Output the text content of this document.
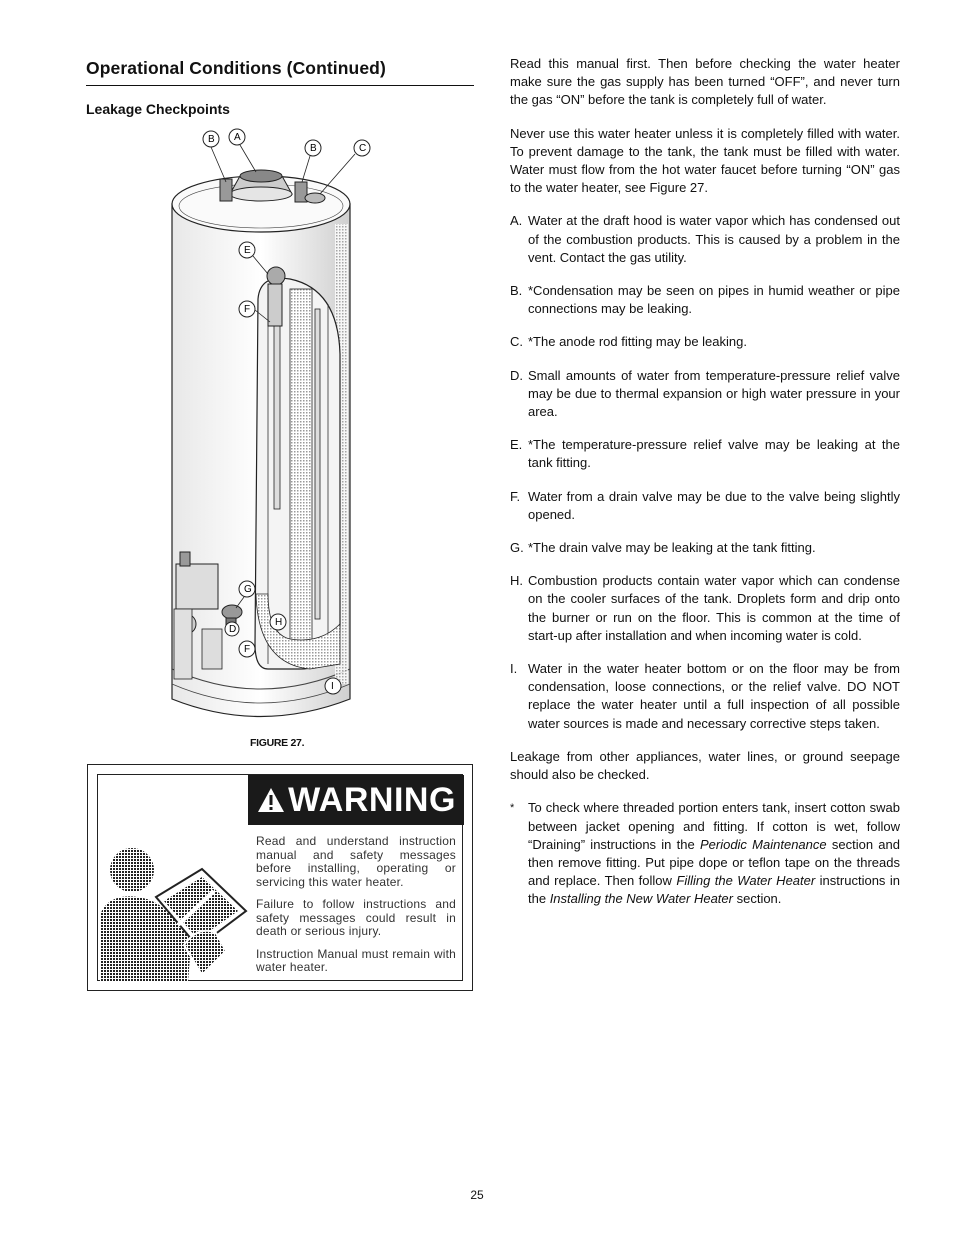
Operational Conditions (Continued)
Leakage Checkpoints
B A
B	C
E
F
G
D
F
H
I
FIGURE 27.
WARNING

Read and understand instruction manual and safety messages before installing, operating or servicing this water heater.

Failure to follow instructions and safety messages could result in death or serious injury.

Instruction Manual must remain with water heater.

Read this manual first. Then before checking the water heater make sure the gas supply has been turned “OFF”, and never turn the gas “ON” before the tank is completely full of water.

Never use this water heater unless it is completely filled with water. To prevent damage to the tank, the tank must be filled with water. Water must flow from the hot water faucet before turning “ON” gas to the water heater, see Figure 27.

A. Water at the draft hood is water vapor which has condensed out of the combustion products. This is caused by a problem in the vent. Contact the gas utility.
B. *Condensation may be seen on pipes in humid weather or pipe connections may be leaking.
C. *The anode rod fitting may be leaking.
D. Small amounts of water from temperature-pressure relief valve may be due to thermal expansion or high water pressure in your area.
E. *The temperature-pressure relief valve may be leaking at the tank fitting.
F. Water from a drain valve may be due to the valve being slightly opened.
G. *The drain valve may be leaking at the tank fitting.
H. Combustion products contain water vapor which can condense on the cooler surfaces of the tank. Droplets form and drip onto the burner or run on the floor. This is common at the time of start-up after installation and when incoming water is cold.
I. Water in the water heater bottom or on the floor may be from condensation, loose connections, or the relief valve. DO NOT replace the water heater until a full inspection of all possible water sources is made and necessary corrective steps taken.

Leakage from other appliances, water lines, or ground seepage should also be checked.

*	To check where threaded portion enters tank, insert cotton swab between jacket opening and fitting. If cotton is wet, follow “Draining” instructions in the Periodic Maintenance section and then remove fitting. Put pipe dope or teflon tape on the threads and replace. Then follow Filling the Water Heater instructions in the Installing the New Water Heater section.
25
